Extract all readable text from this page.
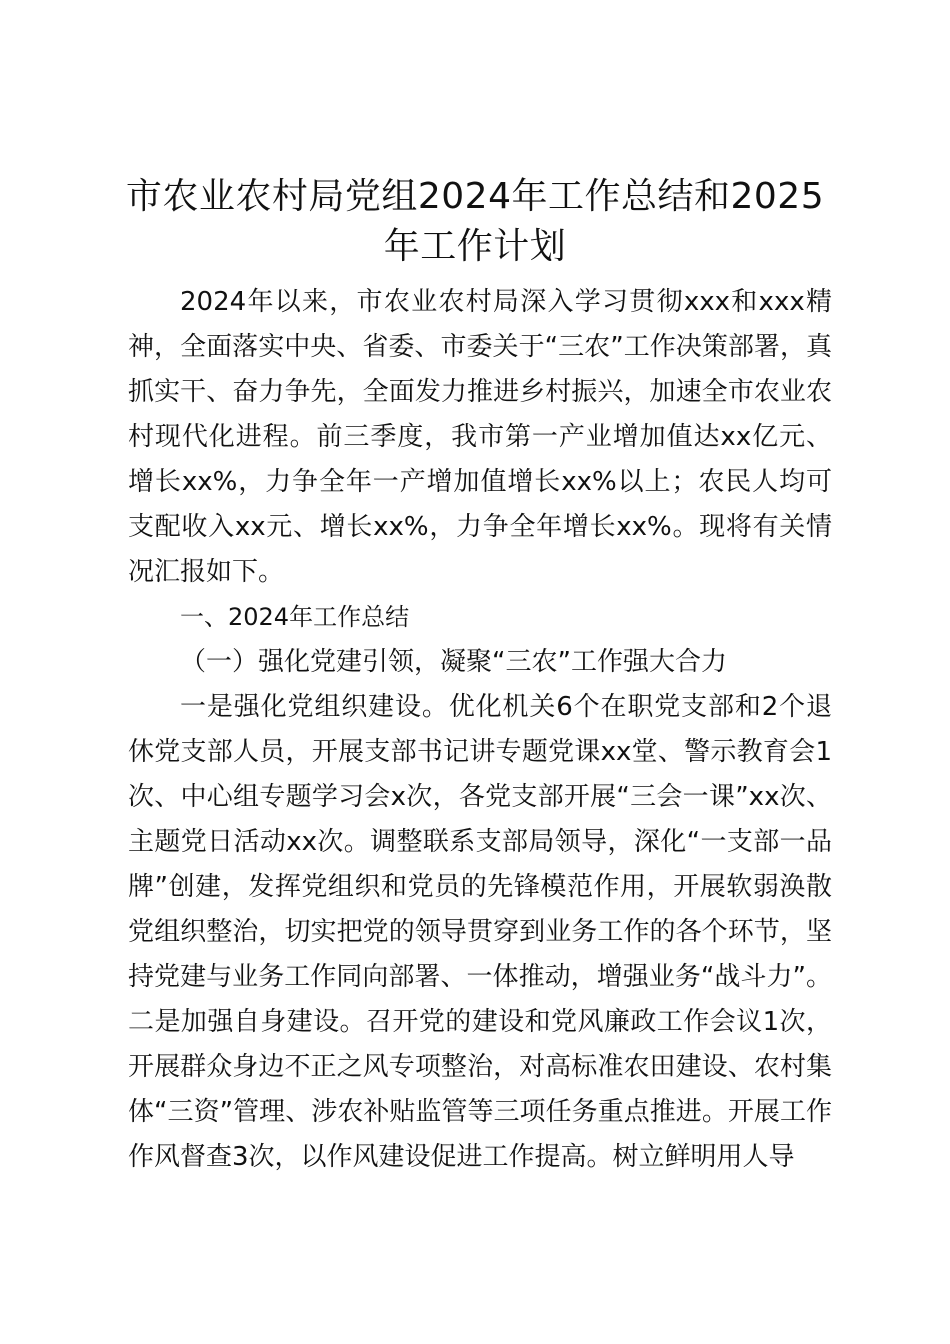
市农业农村局党组2024年工作总结和2025年工作计划

2024年以来，市农业农村局深入学习贯彻xxx和xxx精神，全面落实中央、省委、市委关于“三农”工作决策部署，真抓实干、奋力争先，全面发力推进乡村振兴，加速全市农业农村现代化进程。前三季度，我市第一产业增加值达xx亿元、增长xx%，力争全年一产增加值增长xx%以上；农民人均可支配收入xx元、增长xx%，力争全年增长xx%。现将有关情况汇报如下。

一、2024年工作总结

（一）强化党建引领，凝聚“三农”工作强大合力

一是强化党组织建设。优化机关6个在职党支部和2个退休党支部人员，开展支部书记讲专题党课xx堂、警示教育会1次、中心组专题学习会x次，各党支部开展“三会一课”xx次、主题党日活动xx次。调整联系支部局领导，深化“一支部一品牌”创建，发挥党组织和党员的先锋模范作用，开展软弱涣散党组织整治，切实把党的领导贯穿到业务工作的各个环节，坚持党建与业务工作同向部署、一体推动，增强业务“战斗力”。二是加强自身建设。召开党的建设和党风廉政工作会议1次，开展群众身边不正之风专项整治，对高标准农田建设、农村集体“三资”管理、涉农补贴监管等三项任务重点推进。开展工作作风督查3次，以作风建设促进工作提高。树立鲜明用人导
